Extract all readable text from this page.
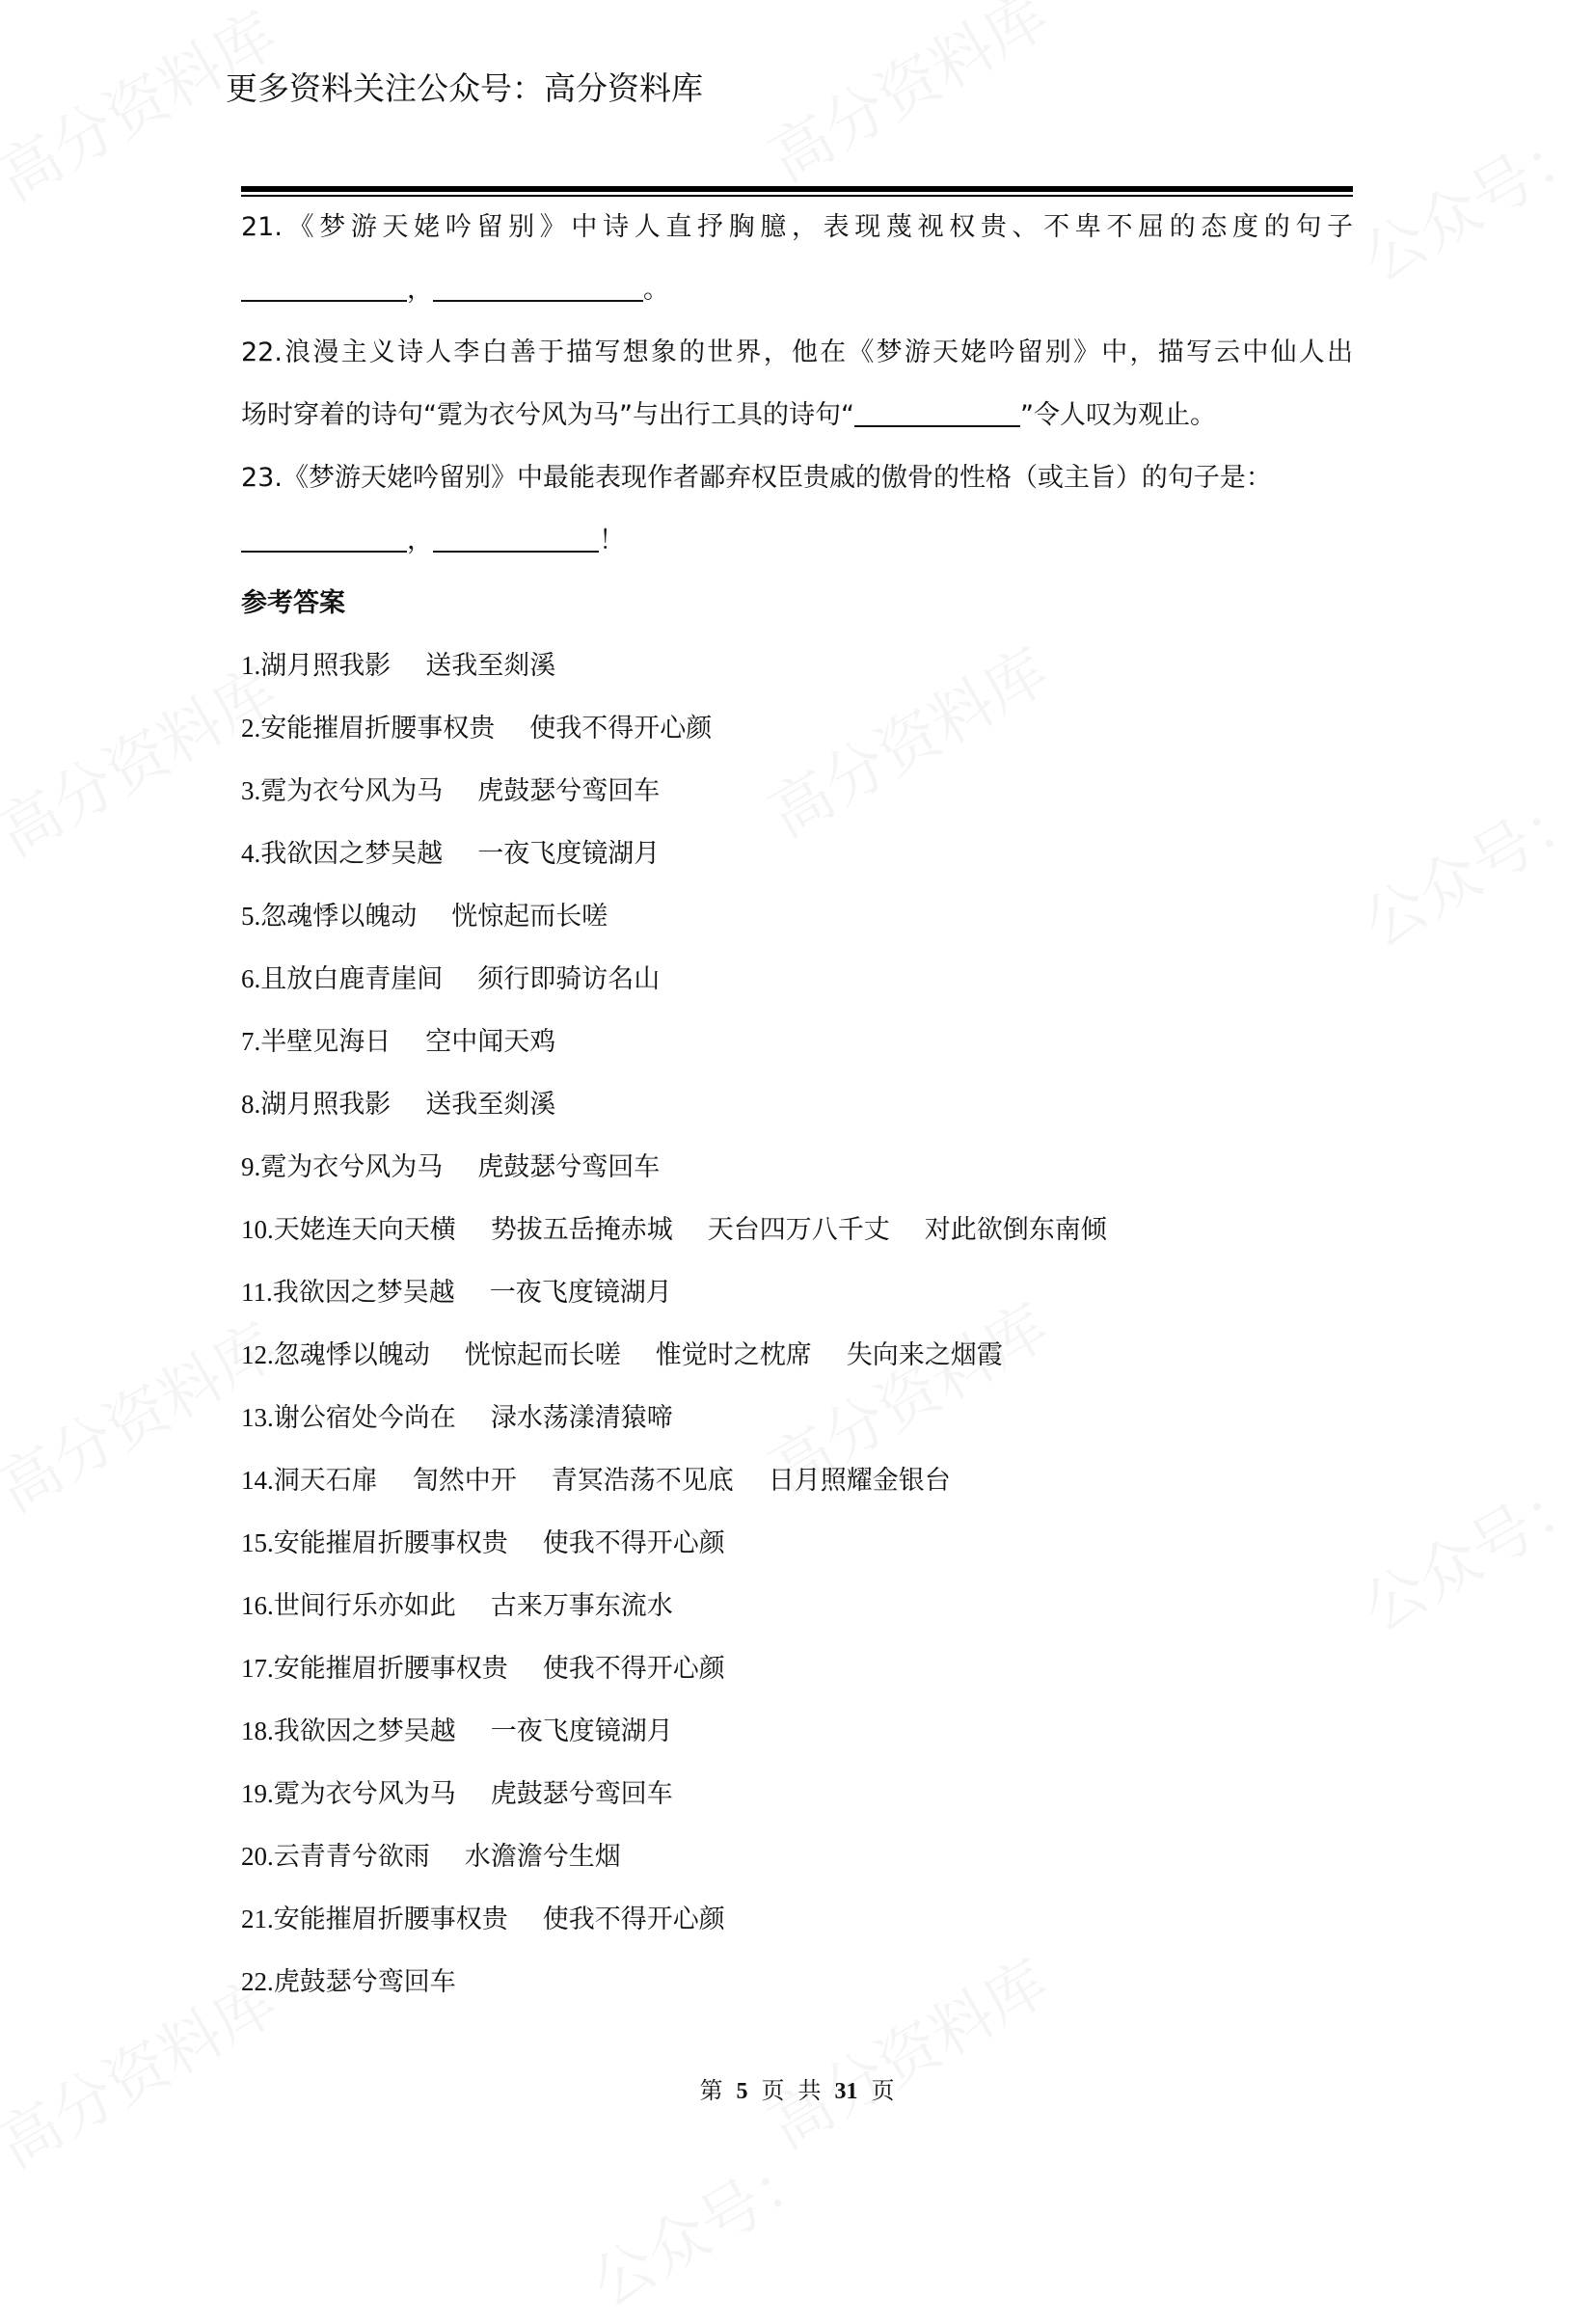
更多资料关注公众号：高分资料库
21.《梦游天姥吟留别》中诗人直抒胸臆，表现蔑视权贵、不卑不屈的态度的句子
，	。
22.浪漫主义诗人李白善于描写想象的世界，他在《梦游天姥吟留别》中，描写云中仙人出
场时穿着的诗句“霓为衣兮风为马”与出行工具的诗句“	”令人叹为观止。
23.《梦游天姥吟留别》中最能表现作者鄙弃权臣贵戚的傲骨的性格（或主旨）的句子是：
，	！
参考答案
1.湖月照我影 送我至剡溪
2.安能摧眉折腰事权贵 使我不得开心颜
3.霓为衣兮风为马 虎鼓瑟兮鸾回车
4.我欲因之梦吴越 一夜飞度镜湖月
5.忽魂悸以魄动 恍惊起而长嗟
6.且放白鹿青崖间 须行即骑访名山
7.半壁见海日 空中闻天鸡
8.湖月照我影 送我至剡溪
9.霓为衣兮风为马 虎鼓瑟兮鸾回车
10.天姥连天向天横 势拔五岳掩赤城 天台四万八千丈 对此欲倒东南倾
11.我欲因之梦吴越 一夜飞度镜湖月
12.忽魂悸以魄动 恍惊起而长嗟 惟觉时之枕席 失向来之烟霞
13.谢公宿处今尚在 渌水荡漾清猿啼
14.洞天石扉 訇然中开 青冥浩荡不见底 日月照耀金银台
15.安能摧眉折腰事权贵 使我不得开心颜
16.世间行乐亦如此 古来万事东流水
17.安能摧眉折腰事权贵 使我不得开心颜
18.我欲因之梦吴越 一夜飞度镜湖月
19.霓为衣兮风为马 虎鼓瑟兮鸾回车
20.云青青兮欲雨 水澹澹兮生烟
21.安能摧眉折腰事权贵 使我不得开心颜
22.虎鼓瑟兮鸾回车
第 5 页 共 31 页
